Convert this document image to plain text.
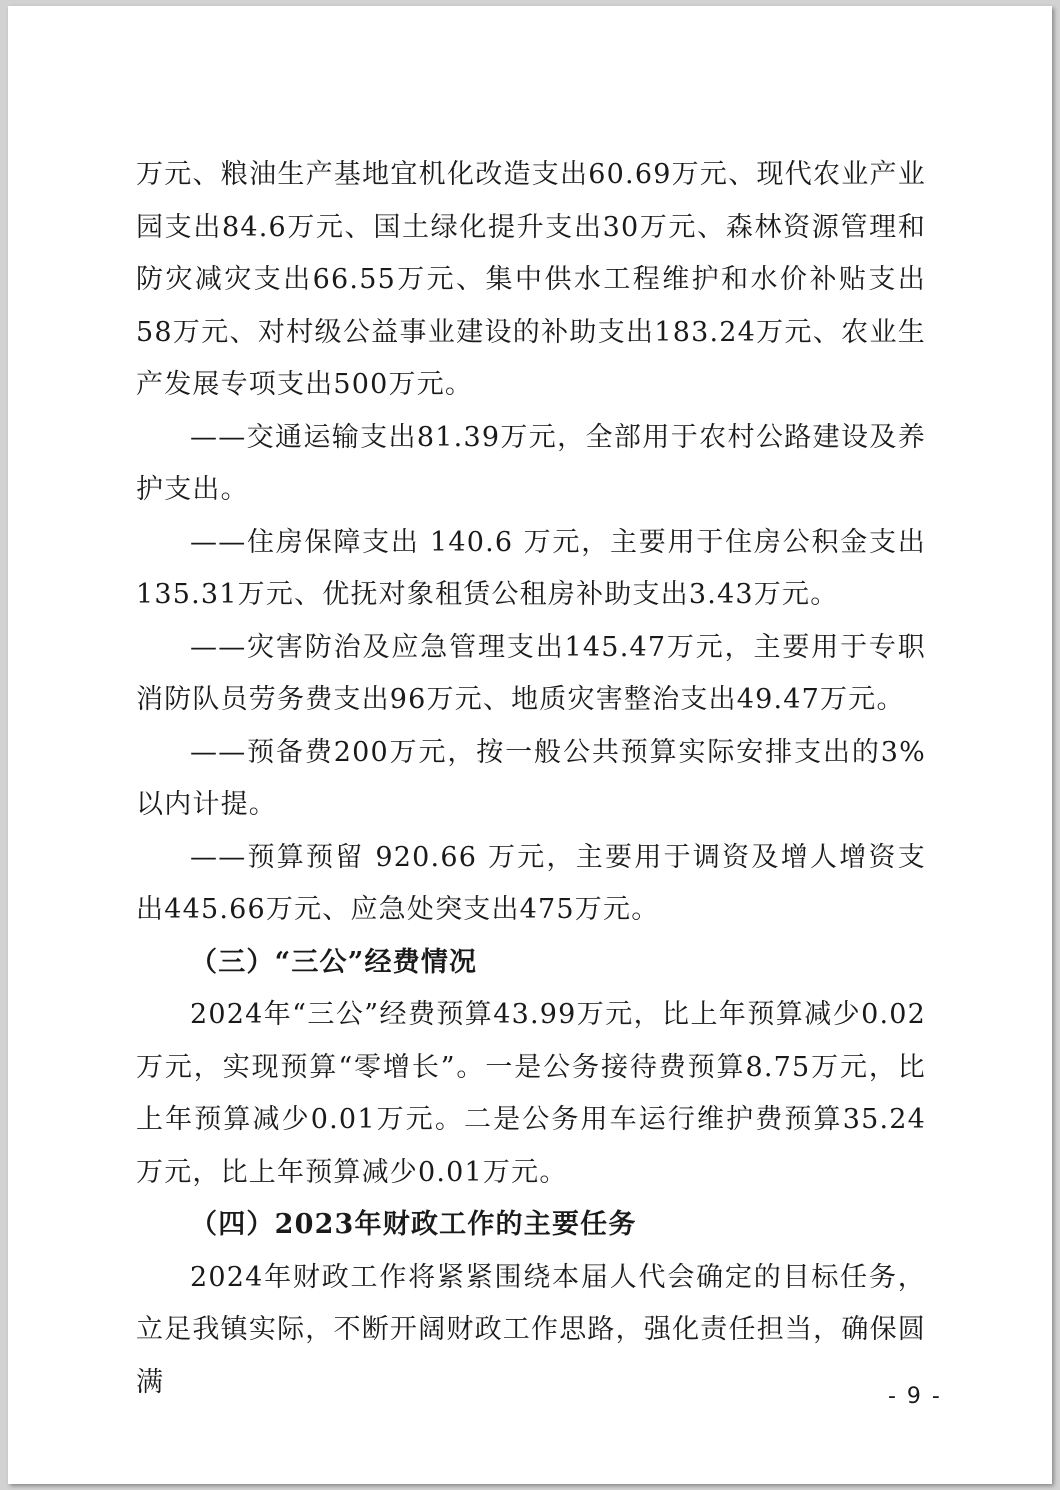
万元、粮油生产基地宜机化改造支出60.69万元、现代农业产业园支出84.6万元、国土绿化提升支出30万元、森林资源管理和防灾减灾支出66.55万元、集中供水工程维护和水价补贴支出58万元、对村级公益事业建设的补助支出183.24万元、农业生产发展专项支出500万元。

——交通运输支出81.39万元，全部用于农村公路建设及养护支出。

——住房保障支出 140.6 万元，主要用于住房公积金支出135.31万元、优抚对象租赁公租房补助支出3.43万元。

——灾害防治及应急管理支出145.47万元，主要用于专职消防队员劳务费支出96万元、地质灾害整治支出49.47万元。

——预备费200万元，按一般公共预算实际安排支出的3%以内计提。

——预算预留 920.66 万元，主要用于调资及增人增资支出445.66万元、应急处突支出475万元。

（三）“三公”经费情况

2024年“三公”经费预算43.99万元，比上年预算减少0.02万元，实现预算“零增长”。一是公务接待费预算8.75万元，比上年预算减少0.01万元。二是公务用车运行维护费预算35.24万元，比上年预算减少0.01万元。

（四）2023年财政工作的主要任务

2024年财政工作将紧紧围绕本届人代会确定的目标任务，立足我镇实际，不断开阔财政工作思路，强化责任担当，确保圆满	- 9 -
